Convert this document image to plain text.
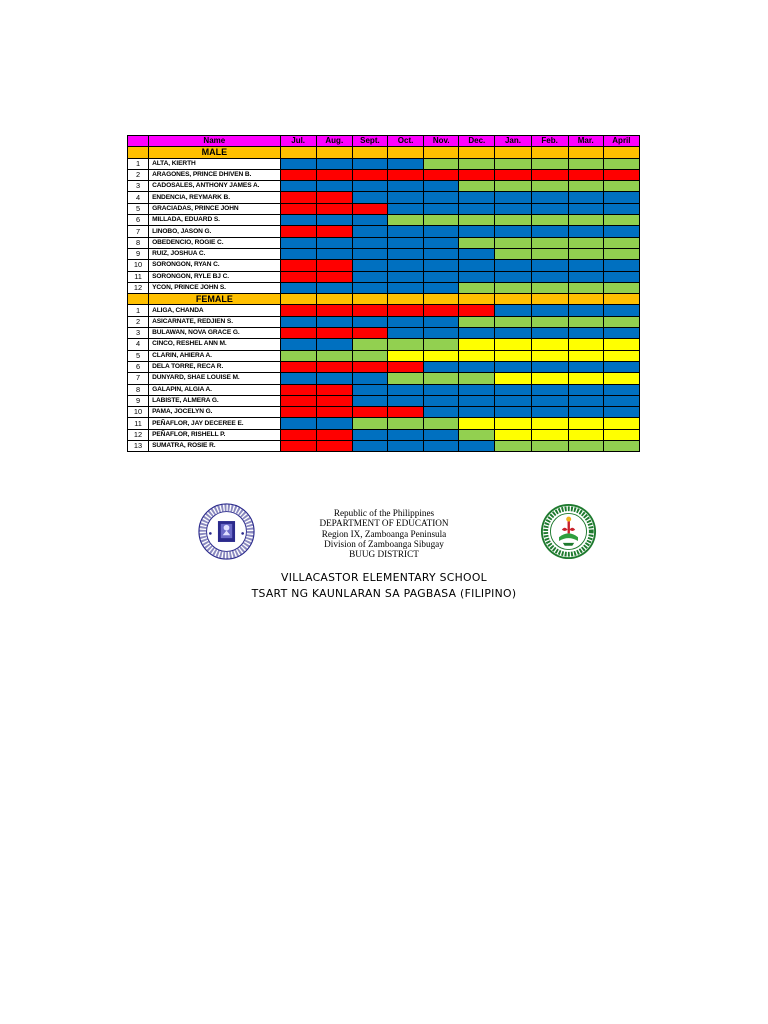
	Name	Jul.	Aug.	Sept.	Oct.	Nov.	Dec.	Jan.	Feb.	Mar.	April
	MALE										
1	ALTA, KIERTH										
2	ARAGONES, PRINCE DHIVEN B.										
3	CADOSALES, ANTHONY JAMES A.										
4	ENDENCIA, REYMARK B.										
5	GRACIADAS, PRINCE JOHN										
6	MILLADA, EDUARD S.										
7	LINOBO, JASON G.										
8	OBEDENCIO, ROGIE C.										
9	RUIZ, JOSHUA C.										
10	SORONGON, RYAN C.										
11	SORONGON, RYLE BJ C.										
12	YCON, PRINCE JOHN S.										
	FEMALE										
1	ALIGA, CHANDA										
2	ASICARNATE, REDJIEN S.										
3	BULAWAN, NOVA GRACE G.										
4	CINCO, RESHEL ANN M.										
5	CLARIN, AHIERA A.										
6	DELA TORRE, RECA R.										
7	DUNYARD, SHAE LOUISE M.										
8	GALAPIN, ALGIA A.										
9	LABISTE, ALMERA G.										
10	PAMA, JOCELYN G.										
11	PEÑAFLOR, JAY DECEREE E.										
12	PEÑAFLOR, RISHELL P.										
13	SUMATRA, ROSIE R.										
Republic of the Philippines
DEPARTMENT OF EDUCATION
Region IX, Zamboanga Peninsula
Division of Zamboanga Sibugay
BUUG DISTRICT
VILLACASTOR ELEMENTARY SCHOOL
TSART NG KAUNLARAN SA PAGBASA (FILIPINO)
